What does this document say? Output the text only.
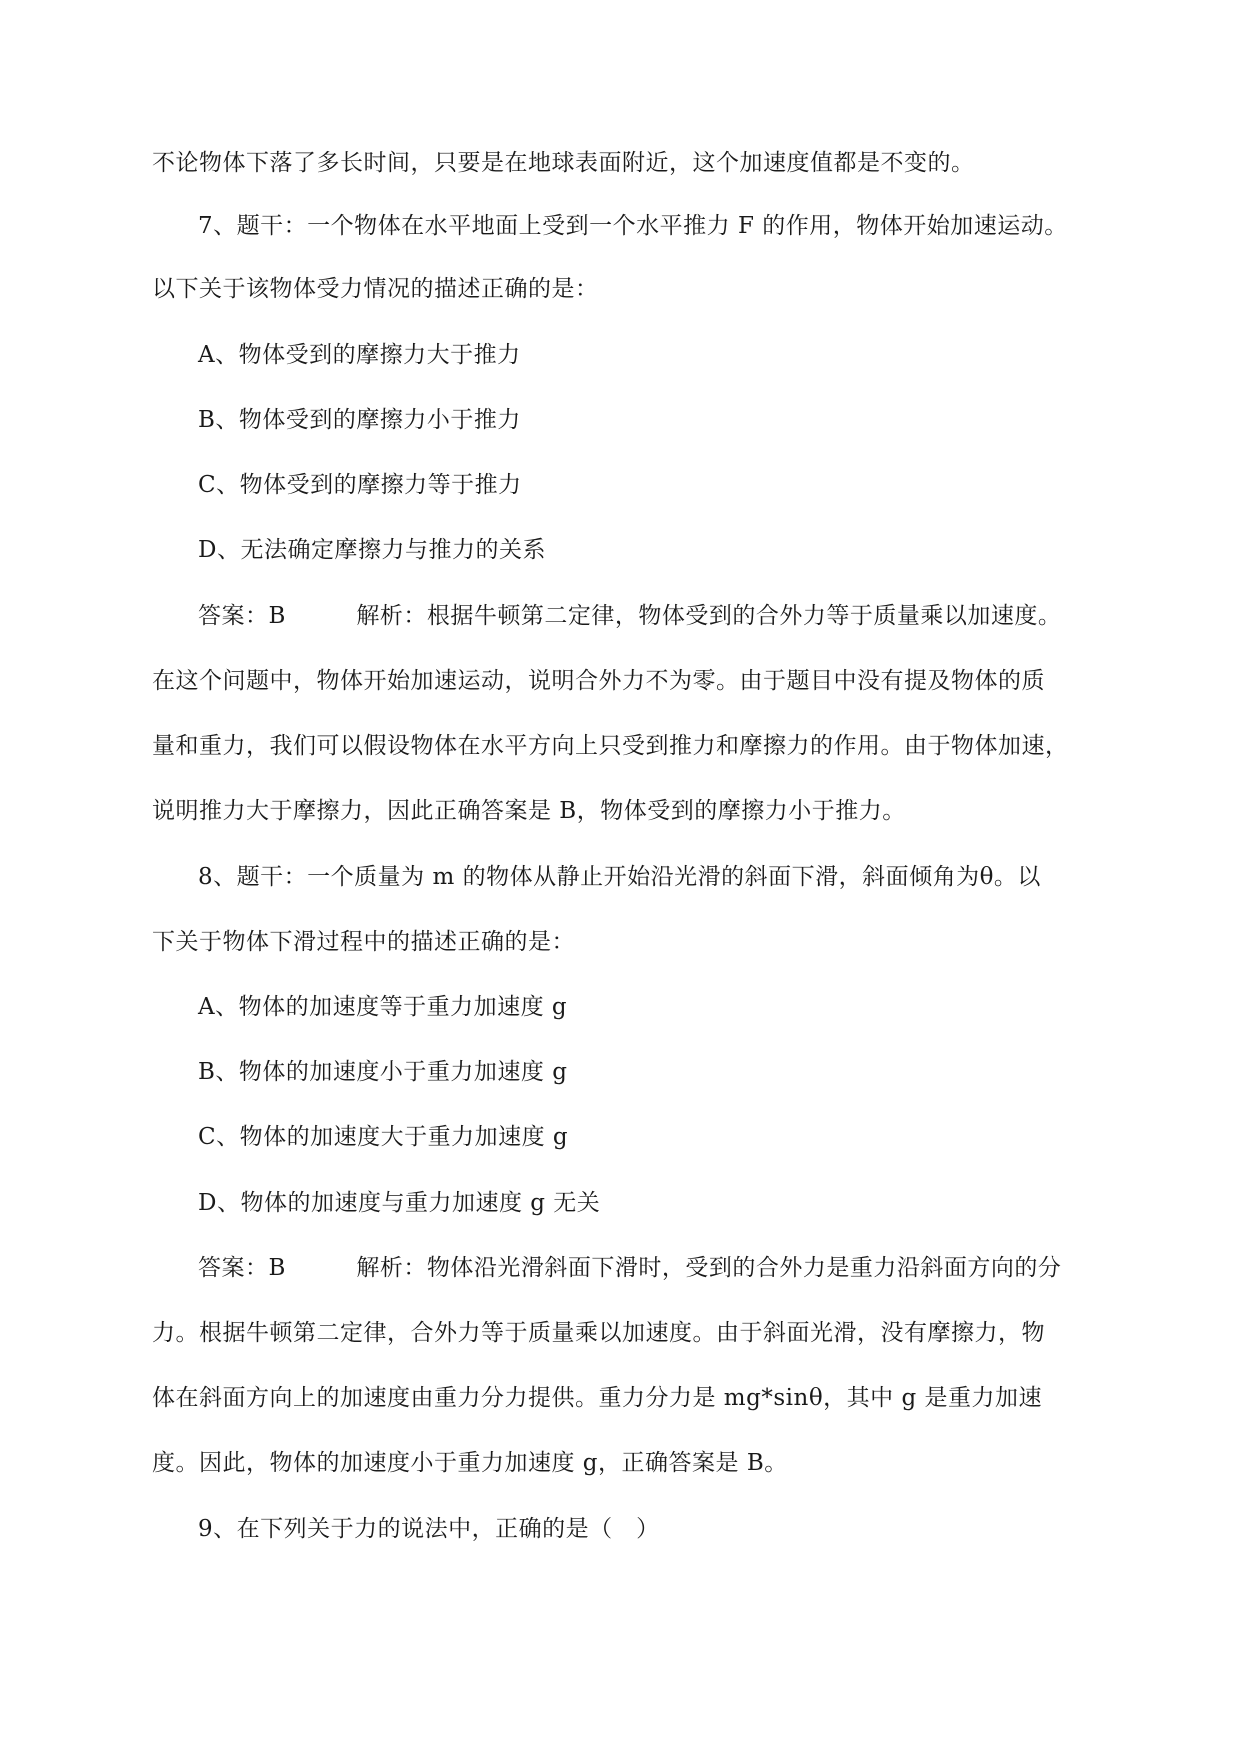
不论物体下落了多长时间，只要是在地球表面附近，这个加速度值都是不变的。
7、题干：一个物体在水平地面上受到一个水平推力 F 的作用，物体开始加速运动。
以下关于该物体受力情况的描述正确的是：
A、物体受到的摩擦力大于推力
B、物体受到的摩擦力小于推力
C、物体受到的摩擦力等于推力
D、无法确定摩擦力与推力的关系
答案：B　　　解析：根据牛顿第二定律，物体受到的合外力等于质量乘以加速度。
在这个问题中，物体开始加速运动，说明合外力不为零。由于题目中没有提及物体的质
量和重力，我们可以假设物体在水平方向上只受到推力和摩擦力的作用。由于物体加速，
说明推力大于摩擦力，因此正确答案是 B，物体受到的摩擦力小于推力。
8、题干：一个质量为 m 的物体从静止开始沿光滑的斜面下滑，斜面倾角为θ。以
下关于物体下滑过程中的描述正确的是：
A、物体的加速度等于重力加速度 g
B、物体的加速度小于重力加速度 g
C、物体的加速度大于重力加速度 g
D、物体的加速度与重力加速度 g 无关
答案：B　　　解析：物体沿光滑斜面下滑时，受到的合外力是重力沿斜面方向的分
力。根据牛顿第二定律，合外力等于质量乘以加速度。由于斜面光滑，没有摩擦力，物
体在斜面方向上的加速度由重力分力提供。重力分力是 mg*sinθ，其中 g 是重力加速
度。因此，物体的加速度小于重力加速度 g，正确答案是 B。
9、在下列关于力的说法中，正确的是（　）
